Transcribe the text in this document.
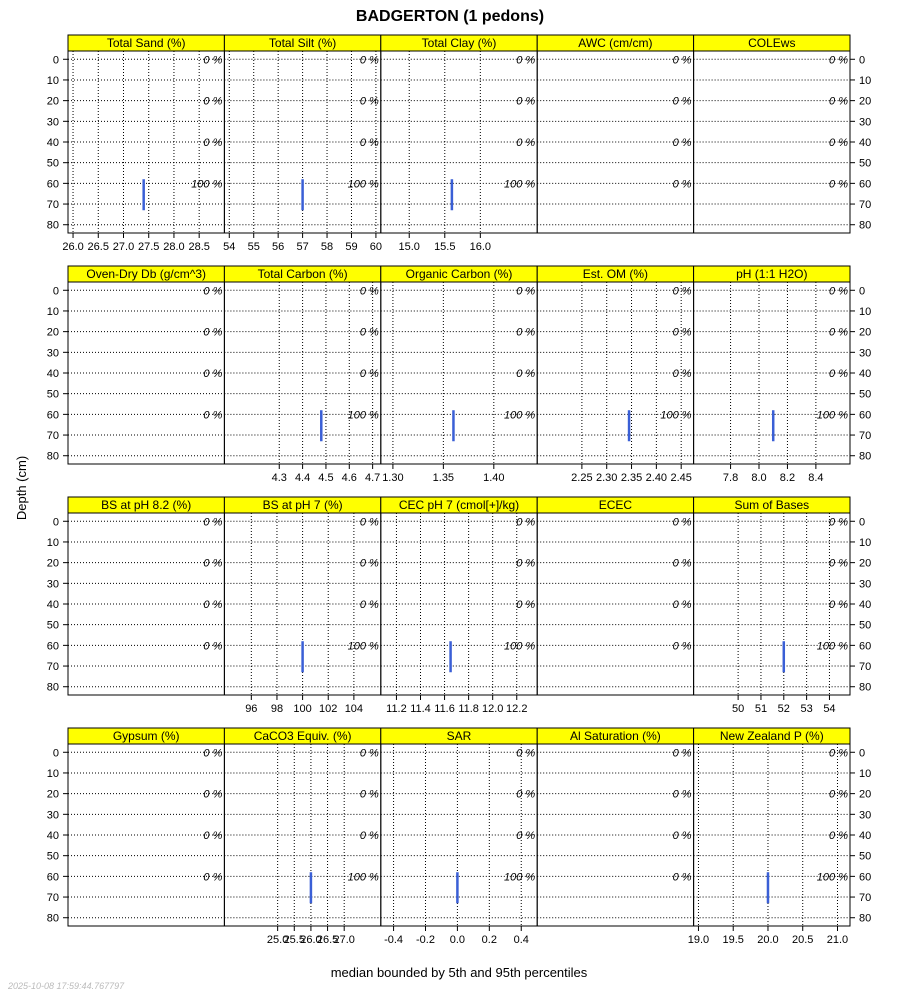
BADGERTON (1 pedons)
Depth (cm)
median bounded by 5th and 95th percentiles
2025-10-08 17:59:44.767797
Total Sand (%)
0 %
0 %
0 %
100 %
26.0 26.5 27.0 27.5 28.0 28.5
Total Silt (%)
0 %
0 %
0 %
100 %
54 55 56 57 58 59 60
Total Clay (%)
0 %
0 %
0 %
100 %
15.0 15.5 16.0
AWC (cm/cm)
0 %
0 %
0 %
0 %
COLEws
0 %
0 %
0 %
0 %
0	0
10	10
20	20
30	30
40	40
50	50
60	60
70	70
80	80
Oven-Dry Db (g/cm^3)
0 %
0 %
0 %
0 %
Total Carbon (%)
0 %
0 %
0 %
100 %
4.3 4.4 4.5 4.6 4.7
Organic Carbon (%)
0 %
0 %
0 %
100 %
1.30	1.35	1.40
Est. OM (%)
0 %
0 %
0 %
100 %
2.25 2.30 2.35 2.40 2.45
pH (1:1 H2O)
0 %
0 %
0 %
100 %
7.8 8.0 8.2 8.4
0	0
10	10
20	20
30	30
40	40
50	50
60	60
70	70
80	80
BS at pH 8.2 (%)
0 %
0 %
0 %
0 %
BS at pH 7 (%)
0 %
0 %
0 %
100 %
96 98 100 102 104
CEC pH 7 (cmol[+]/kg)
0 %
0 %
0 %
100 %
11.2 11.4 11.6 11.8 12.0 12.2
ECEC
0 %
0 %
0 %
0 %
Sum of Bases
0 %
0 %
0 %
100 %
50 51 52 53 54
0	0
10	10
20	20
30	30
40	40
50	50
60	60
70	70
80	80
Gypsum (%)
0 %
0 %
0 %
0 %
CaCO3 Equiv. (%)
0 %
0 %
0 %
100 %
25.0
25.5
26.0
26.5
27.0
SAR
0 %
0 %
0 %
100 %
-0.4 -0.2 0.0 0.2 0.4
Al Saturation (%)
0 %
0 %
0 %
0 %
New Zealand P (%)
0 %
0 %
0 %
100 %
19.0 19.5 20.0 20.5 21.0
0	0
10	10
20	20
30	30
40	40
50	50
60	60
70	70
80	80
